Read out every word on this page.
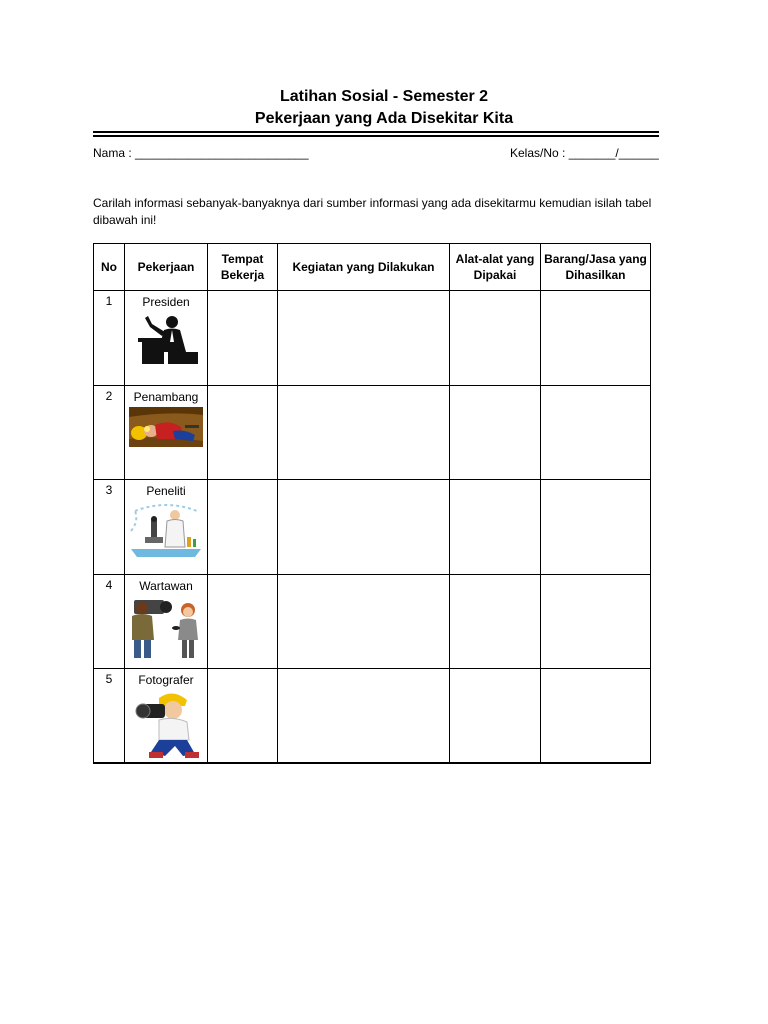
Latihan Sosial - Semester 2
Pekerjaan yang Ada Disekitar Kita
Nama : __________________________	Kelas/No : _______/______
Carilah informasi sebanyak-banyaknya dari sumber informasi yang ada disekitarmu kemudian isilah tabel dibawah ini!
No	Pekerjaan	Tempat Bekerja	Kegiatan yang Dilakukan	Alat-alat yang Dipakai	Barang/Jasa yang Dihasilkan
1	Presiden				

2	Penambang				

3	Peneliti				

4	Wartawan				

5	Fotografer				
